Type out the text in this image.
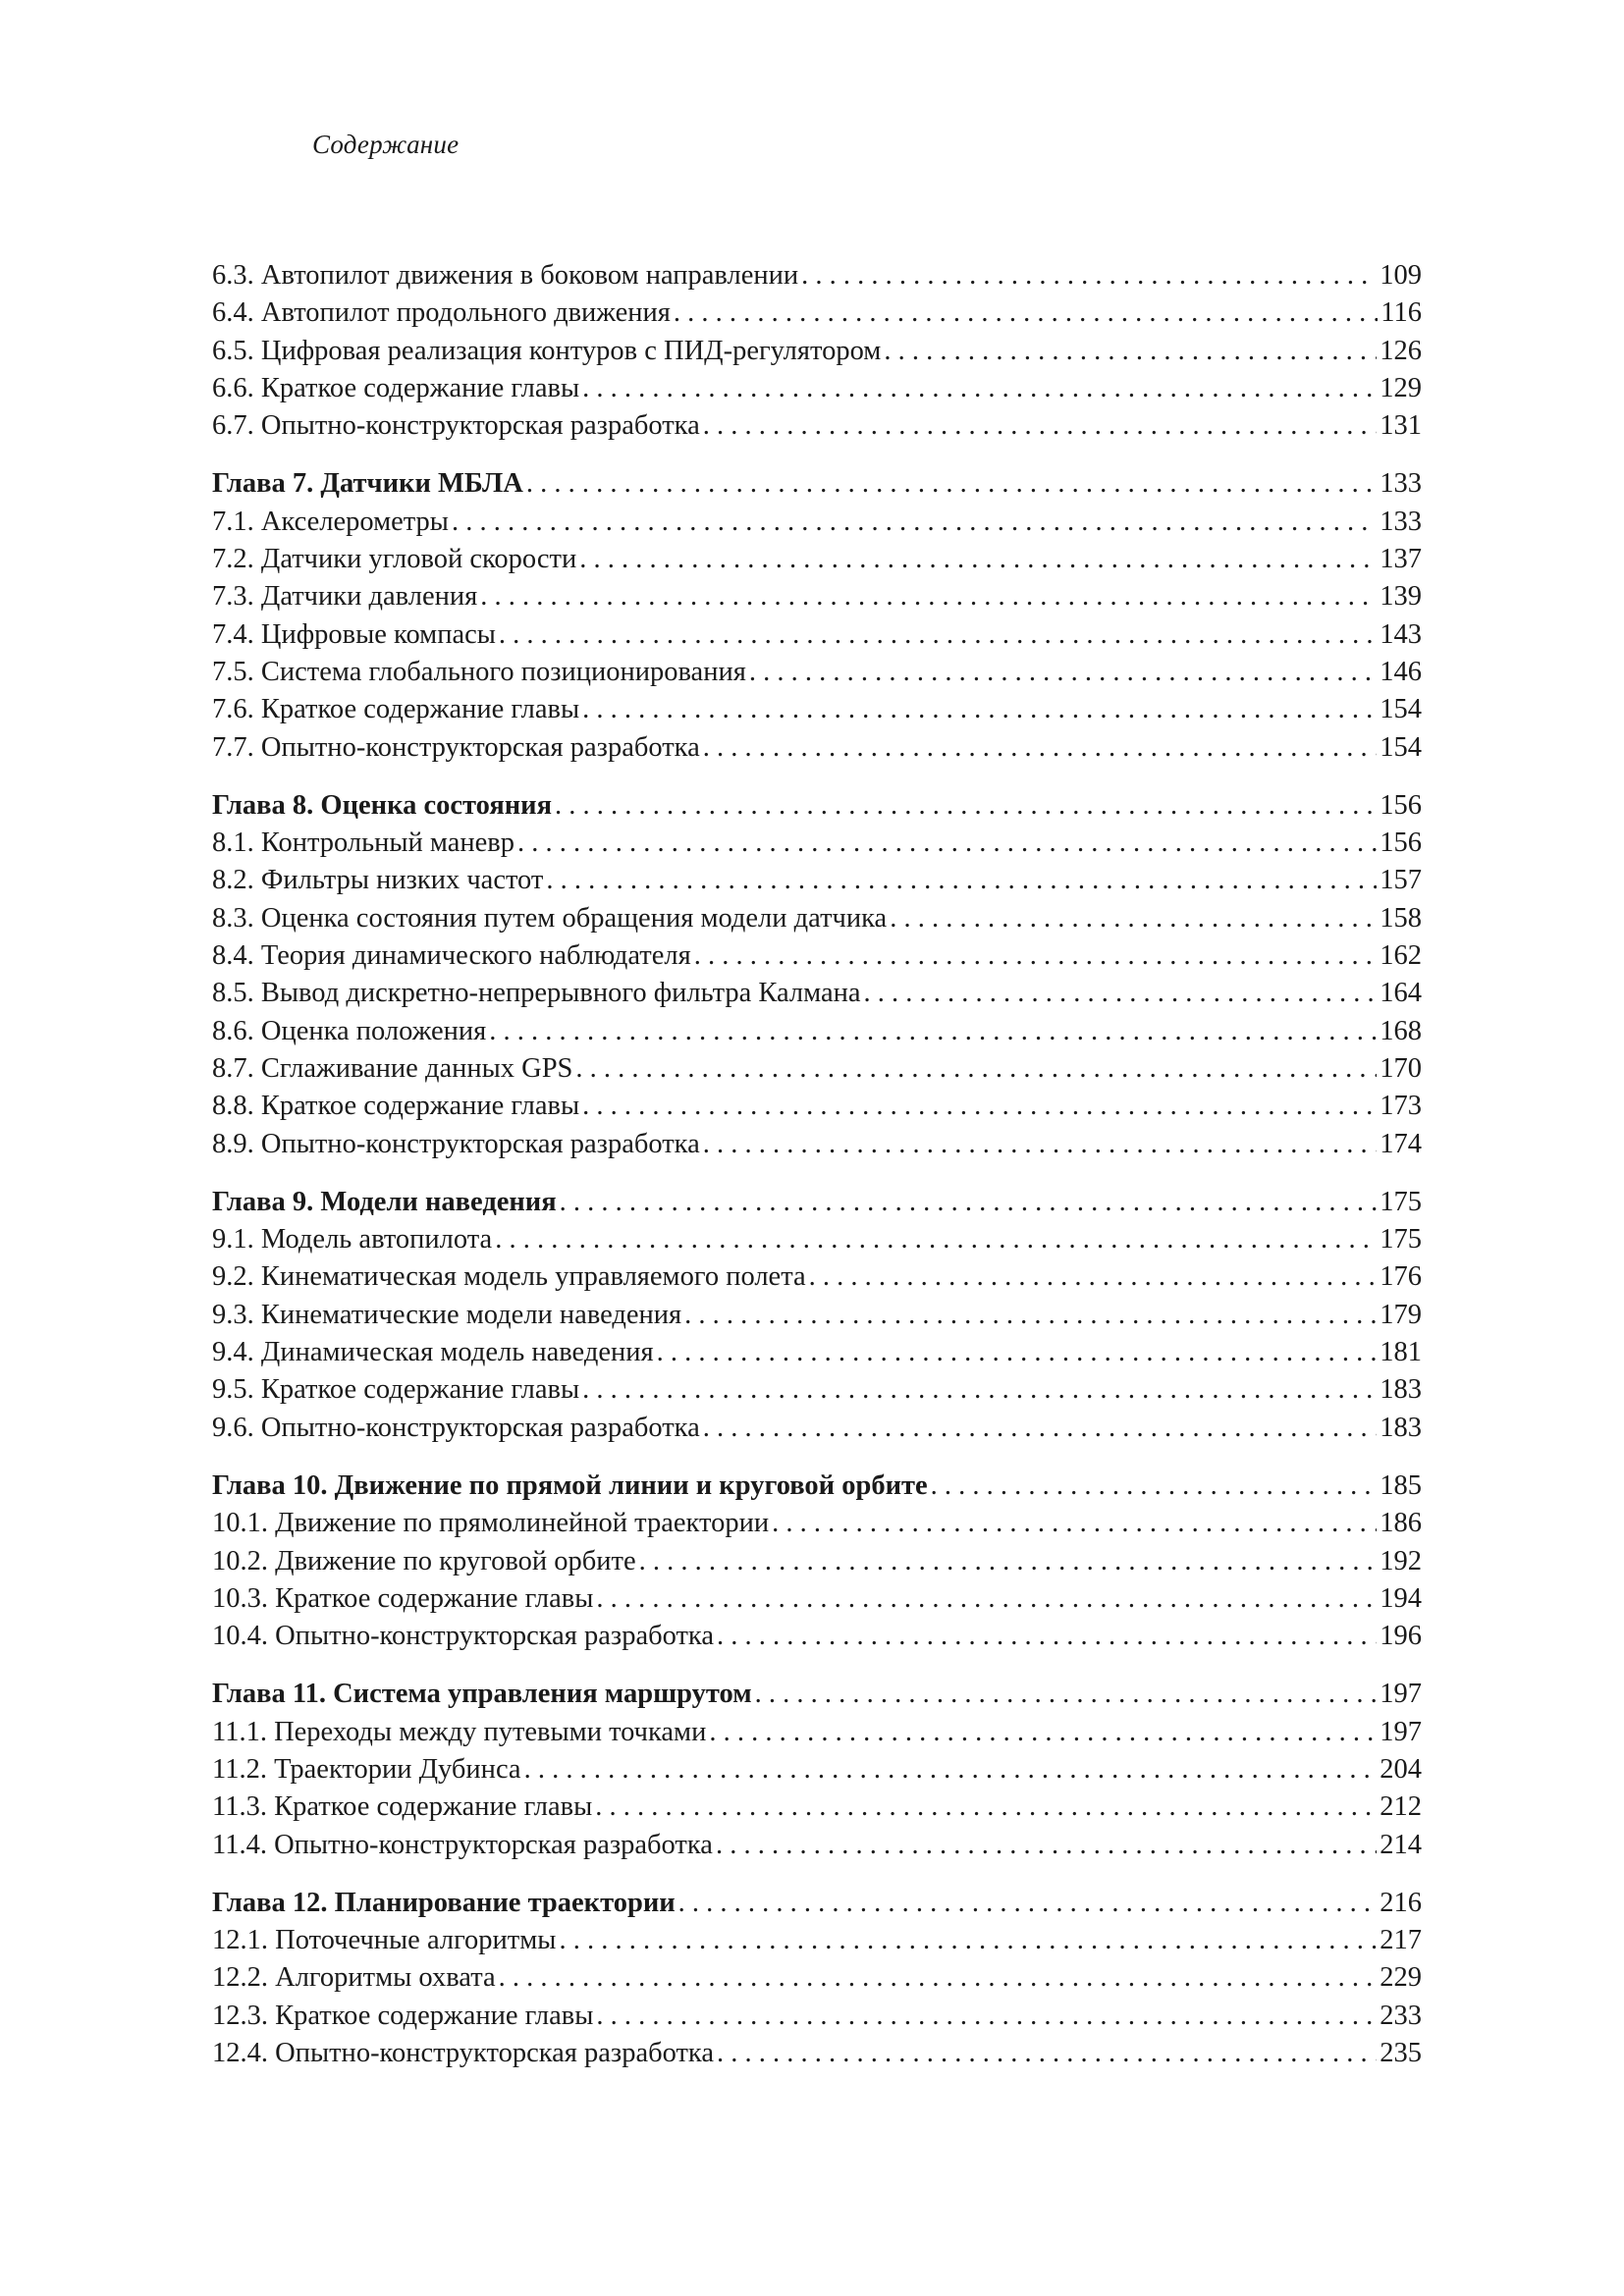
Содержание
6.3. Автопилот движения в боковом направлении . . .	109
6.4. Автопилот продольного движения . . .	116
6.5. Цифровая реализация контуров с ПИД-регулятором . . .	126
6.6. Краткое содержание главы . . .	129
6.7. Опытно-конструкторская разработка . . .	131
Глава 7. Датчики МБЛА . . .	133
7.1. Акселерометры . . .	133
7.2. Датчики угловой скорости . . .	137
7.3. Датчики давления . . .	139
7.4. Цифровые компасы . . .	143
7.5. Система глобального позиционирования . . .	146
7.6. Краткое содержание главы . . .	154
7.7. Опытно-конструкторская разработка . . .	154
Глава 8. Оценка состояния . . .	156
8.1. Контрольный маневр . . .	156
8.2. Фильтры низких частот . . .	157
8.3. Оценка состояния путем обращения модели датчика . . .	158
8.4. Теория динамического наблюдателя . . .	162
8.5. Вывод дискретно-непрерывного фильтра Калмана . . .	164
8.6. Оценка положения . . .	168
8.7. Сглаживание данных GPS . . .	170
8.8. Краткое содержание главы . . .	173
8.9. Опытно-конструкторская разработка . . .	174
Глава 9. Модели наведения . . .	175
9.1. Модель автопилота . . .	175
9.2. Кинематическая модель управляемого полета . . .	176
9.3. Кинематические модели наведения . . .	179
9.4. Динамическая модель наведения . . .	181
9.5. Краткое содержание главы . . .	183
9.6. Опытно-конструкторская разработка . . .	183
Глава 10. Движение по прямой линии и круговой орбите . . .	185
10.1. Движение по прямолинейной траектории . . .	186
10.2. Движение по круговой орбите . . .	192
10.3. Краткое содержание главы . . .	194
10.4. Опытно-конструкторская разработка . . .	196
Глава 11. Система управления маршрутом . . .	197
11.1. Переходы между путевыми точками . . .	197
11.2. Траектории Дубинса . . .	204
11.3. Краткое содержание главы . . .	212
11.4. Опытно-конструкторская разработка . . .	214
Глава 12. Планирование траектории . . .	216
12.1. Поточечные алгоритмы . . .	217
12.2. Алгоритмы охвата . . .	229
12.3. Краткое содержание главы . . .	233
12.4. Опытно-конструкторская разработка . . .	235
